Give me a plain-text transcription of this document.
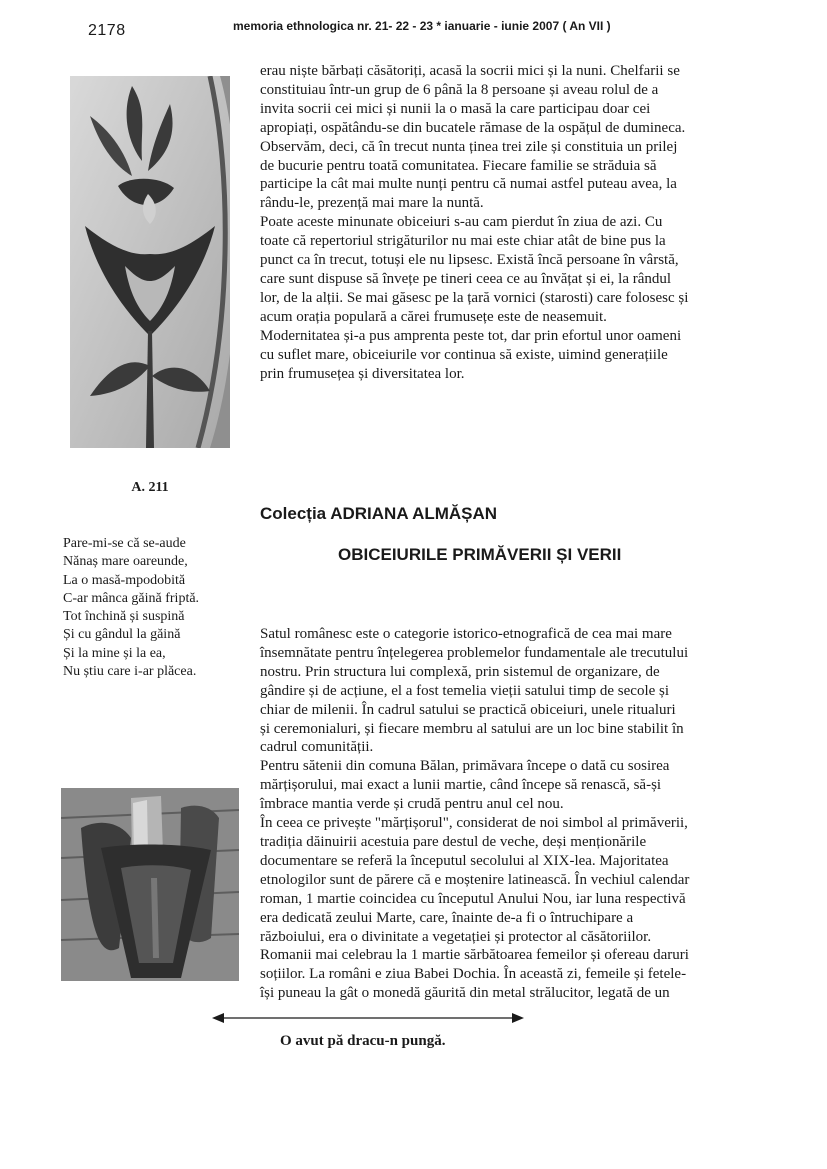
2178	memoria ethnologica nr. 21- 22 - 23 * ianuarie - iunie 2007 ( An VII )
erau niște bărbați căsătoriți, acasă la socrii mici și la nuni. Chelfarii se
constituiau într-un grup de 6 până la 8 persoane și aveau rolul de a
invita socrii cei mici și nunii la o masă la care participau doar cei
apropiați, ospătându-se din bucatele rămase de la ospățul de dumineca.
Observăm, deci, că în trecut nunta ținea trei zile și constituia un prilej
de bucurie pentru toată comunitatea. Fiecare familie se străduia să
participe la cât mai multe nunți pentru că numai astfel puteau avea, la
rându-le, prezență mai mare la nuntă.
Poate aceste minunate obiceiuri s-au cam pierdut în ziua de azi. Cu
toate că repertoriul strigăturilor nu mai este chiar atât de bine pus la
punct ca în trecut, totuși ele nu lipsesc. Există încă persoane în vârstă,
care sunt dispuse să învețe pe tineri ceea ce au învățat și ei, la rândul
lor, de la alții. Se mai găsesc pe la țară vornici (starosti) care folosesc și
acum orația populară a cărei frumusețe este de neasemuit.
Modernitatea și-a pus amprenta peste tot, dar prin efortul unor oameni
cu suflet mare, obiceiurile vor continua să existe, uimind generațiile
prin frumusețea și diversitatea lor.
A. 211
Pare-mi-se că se-aude
Nănaș mare oareunde,
La o masă-mpodobită
C-ar mânca găină friptă.
Tot închină și suspină
Și cu gândul la găină
Și la mine și la ea,
Nu știu care i-ar plăcea.
Colecția ADRIANA ALMĂȘAN
OBICEIURILE PRIMĂVERII ȘI VERII
Satul românesc este o categorie istorico-etnografică de cea mai mare
însemnătate pentru înțelegerea problemelor fundamentale ale trecutului
nostru. Prin structura lui complexă, prin sistemul de organizare, de
gândire și de acțiune, el a fost temelia vieții satului timp de secole și
chiar de milenii. În cadrul satului se practică obiceiuri, unele ritualuri
și ceremonialuri, și fiecare membru al satului are un loc bine stabilit în
cadrul comunității.
Pentru sătenii din comuna Bălan, primăvara începe o dată cu sosirea
mărțișorului, mai exact a lunii martie, când începe să renască, să-și
îmbrace mantia verde și crudă pentru anul cel nou.
În ceea ce privește "mărțișorul", considerat de noi simbol al primăverii,
tradiția dăinuirii acestuia pare destul de veche, deși menționările
documentare se referă la începutul secolului al XIX-lea. Majoritatea
etnologilor sunt de părere că e moștenire latinească. În vechiul calendar
roman, 1 martie coincidea cu începutul Anului Nou, iar luna respectivă
era dedicată zeului Marte, care, înainte de-a fi o întruchipare a
războiului, era o divinitate a vegetației și protector al căsătoriilor.
Romanii mai celebrau la 1 martie sărbătoarea femeilor și ofereau daruri
soțiilor. La români e ziua Babei Dochia. În această zi, femeile și fetele-
își puneau la gât o monedă găurită din metal strălucitor, legată de un
O avut pă dracu-n pungă.
